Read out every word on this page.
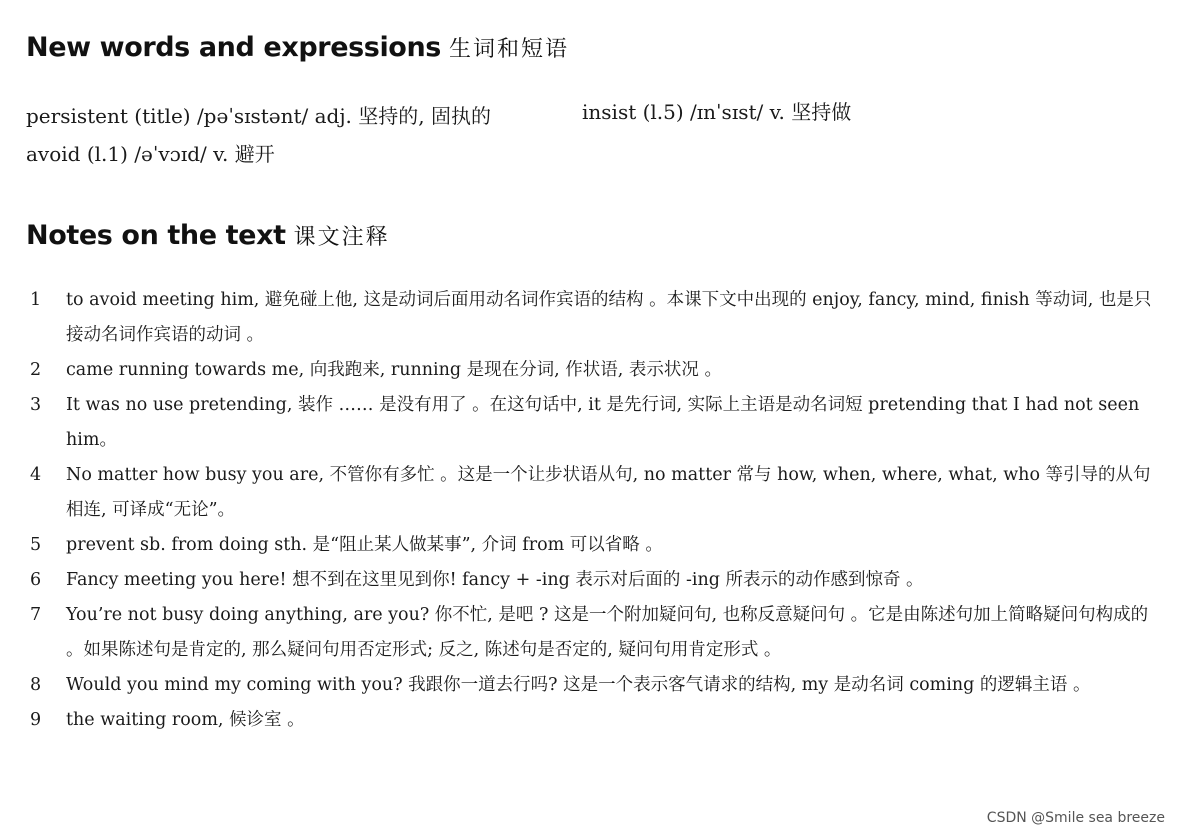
New words and expressions 生词和短语
persistent (title) /pəˈsɪstənt/ adj. 坚持的, 固执的	insist (l.5) /ɪnˈsɪst/ v. 坚持做
avoid (l.1) /əˈvɔɪd/ v. 避开
Notes on the text 课文注释
1 to avoid meeting him, 避免碰上他, 这是动词后面用动名词作宾语的结构 。本课下文中出现的 enjoy, fancy, mind, finish 等动词, 也是只接动名词作宾语的动词 。
2 came running towards me, 向我跑来, running 是现在分词, 作状语, 表示状况 。
3 It was no use pretending, 装作 …… 是没有用了 。在这句话中, it 是先行词, 实际上主语是动名词短 pretending that I had not seen him。
4 No matter how busy you are, 不管你有多忙 。这是一个让步状语从句, no matter 常与 how, when, where, what, who 等引导的从句相连, 可译成“无论”。
5 prevent sb. from doing sth. 是“阻止某人做某事”, 介词 from 可以省略 。
6 Fancy meeting you here! 想不到在这里见到你! fancy + -ing 表示对后面的 -ing 所表示的动作感到惊奇 。
7 You’re not busy doing anything, are you? 你不忙, 是吧 ? 这是一个附加疑问句, 也称反意疑问句 。它是由陈述句加上简略疑问句构成的 。如果陈述句是肯定的, 那么疑问句用否定形式; 反之, 陈述句是否定的, 疑问句用肯定形式 。
8 Would you mind my coming with you? 我跟你一道去行吗? 这是一个表示客气请求的结构, my 是动名词 coming 的逻辑主语 。
9 the waiting room, 候诊室 。
CSDN @Smile sea breeze
